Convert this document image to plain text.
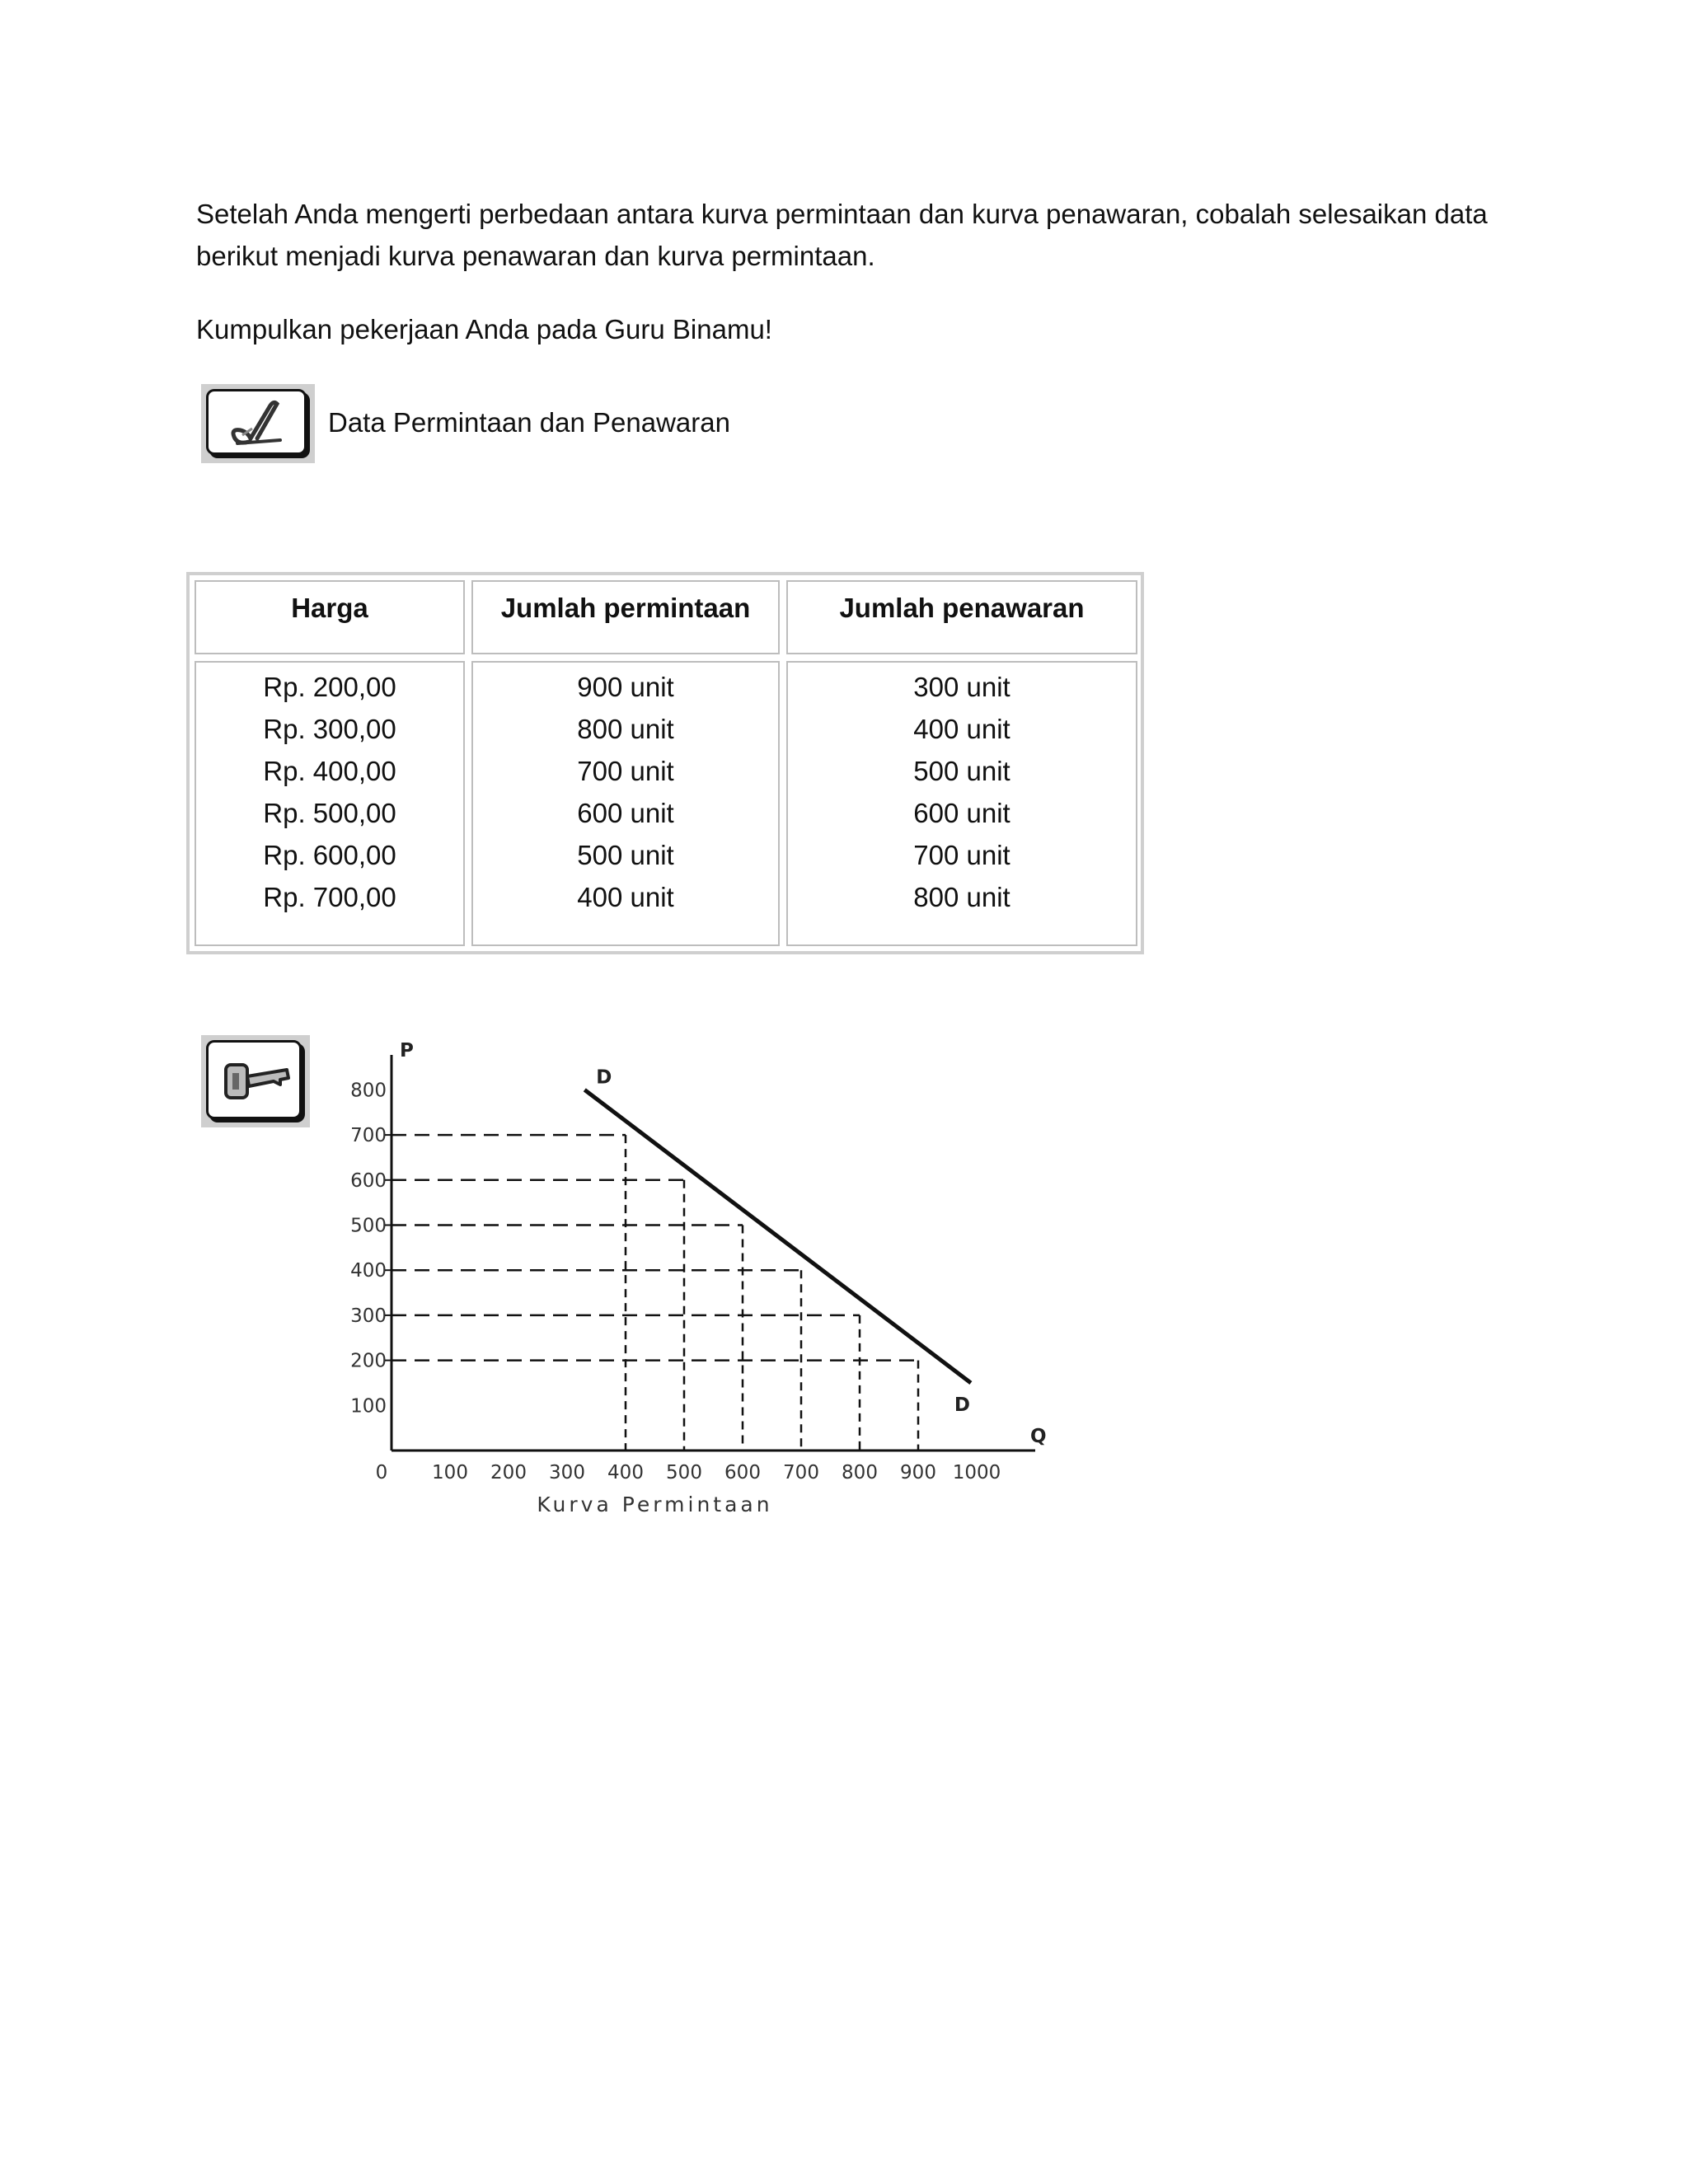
Setelah Anda mengerti perbedaan antara kurva permintaan dan kurva penawaran, cobalah selesaikan data berikut menjadi kurva penawaran dan kurva permintaan.

Kumpulkan pekerjaan Anda pada Guru Binamu!

Data Permintaan dan Penawaran
Harga	Jumlah permintaan	Jumlah penawaran
Rp. 200,00
Rp. 300,00
Rp. 400,00
Rp. 500,00
Rp. 600,00
Rp. 700,00
900 unit
800 unit
700 unit
600 unit
500 unit
400 unit
300 unit
400 unit
500 unit
600 unit
700 unit
800 unit
P
Q
0
100
200
300
400
500
600
700
800
100 200 300 400 500 600 700 800 900 1000
D
D
Kurva Permintaan
